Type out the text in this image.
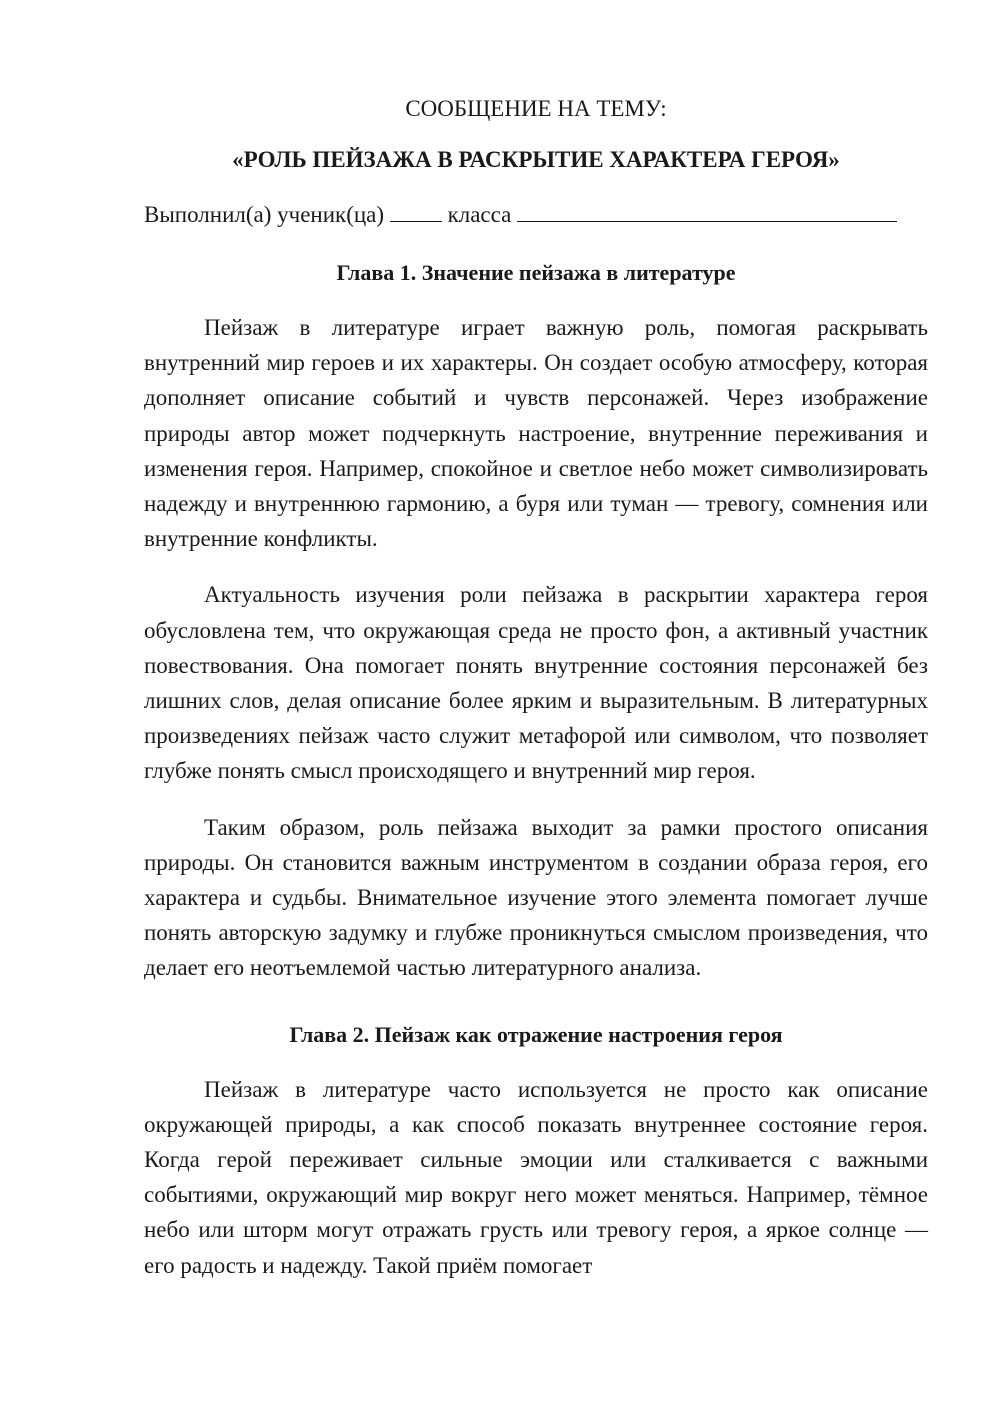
СООБЩЕНИЕ НА ТЕМУ:

«РОЛЬ ПЕЙЗАЖА В РАСКРЫТИЕ ХАРАКТЕРА ГЕРОЯ»

Выполнил(а) ученик(ца)	класса

Глава 1. Значение пейзажа в литературе

Пейзаж в литературе играет важную роль, помогая раскрывать внутренний мир героев и их характеры. Он создает особую атмосферу, которая дополняет описание событий и чувств персонажей. Через изображение природы автор может подчеркнуть настроение, внутренние переживания и изменения героя. Например, спокойное и светлое небо может символизировать надежду и внутреннюю гармонию, а буря или туман — тревогу, сомнения или внутренние конфликты.

Актуальность изучения роли пейзажа в раскрытии характера героя обусловлена тем, что окружающая среда не просто фон, а активный участник повествования. Она помогает понять внутренние состояния персонажей без лишних слов, делая описание более ярким и выразительным. В литературных произведениях пейзаж часто служит метафорой или символом, что позволяет глубже понять смысл происходящего и внутренний мир героя.

Таким образом, роль пейзажа выходит за рамки простого описания природы. Он становится важным инструментом в создании образа героя, его характера и судьбы. Внимательное изучение этого элемента помогает лучше понять авторскую задумку и глубже проникнуться смыслом произведения, что делает его неотъемлемой частью литературного анализа.

Глава 2. Пейзаж как отражение настроения героя

Пейзаж в литературе часто используется не просто как описание окружающей природы, а как способ показать внутреннее состояние героя. Когда герой переживает сильные эмоции или сталкивается с важными событиями, окружающий мир вокруг него может меняться. Например, тёмное небо или шторм могут отражать грусть или тревогу героя, а яркое солнце — его радость и надежду. Такой приём помогает
